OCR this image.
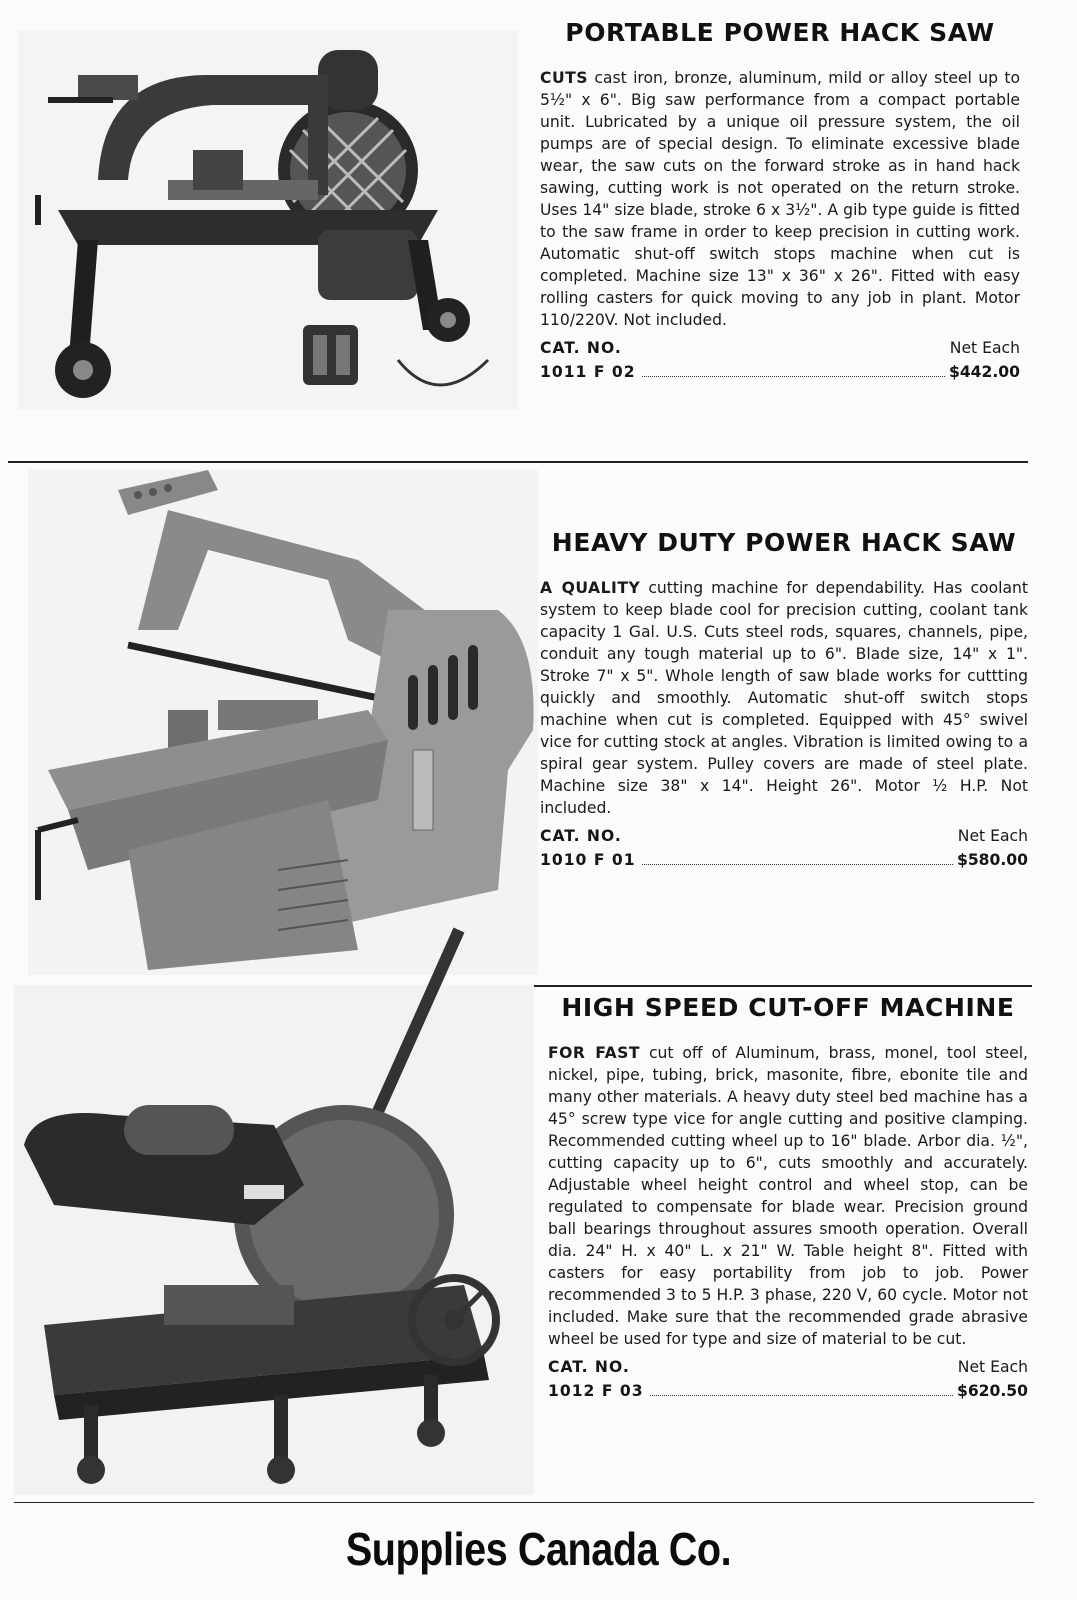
PORTABLE POWER HACK SAW

CUTS cast iron, bronze, aluminum, mild or alloy steel up to 5½" x 6". Big saw performance from a compact portable unit. Lubricated by a unique oil pressure system, the oil pumps are of special design. To eliminate excessive blade wear, the saw cuts on the forward stroke as in hand hack sawing, cutting work is not operated on the return stroke. Uses 14" size blade, stroke 6 x 3½". A gib type guide is fitted to the saw frame in order to keep precision in cutting work. Automatic shut-off switch stops machine when cut is completed. Machine size 13" x 36" x 26". Fitted with easy rolling casters for quick moving to any job in plant. Motor 110/220V. Not included.

CAT. NO.	Net Each
1011 F 02	$442.00
HEAVY DUTY POWER HACK SAW

A QUALITY cutting machine for dependability. Has coolant system to keep blade cool for precision cutting, coolant tank capacity 1 Gal. U.S. Cuts steel rods, squares, channels, pipe, conduit any tough material up to 6". Blade size, 14" x 1". Stroke 7" x 5". Whole length of saw blade works for cuttting quickly and smoothly. Automatic shut-off switch stops machine when cut is completed. Equipped with 45° swivel vice for cutting stock at angles. Vibration is limited owing to a spiral gear system. Pulley covers are made of steel plate. Machine size 38" x 14". Height 26". Motor ½ H.P. Not included.

CAT. NO.	Net Each
1010 F 01	$580.00
HIGH SPEED CUT-OFF MACHINE

FOR FAST cut off of Aluminum, brass, monel, tool steel, nickel, pipe, tubing, brick, masonite, fibre, ebonite tile and many other materials. A heavy duty steel bed machine has a 45° screw type vice for angle cutting and positive clamping. Recommended cutting wheel up to 16" blade. Arbor dia. ½", cutting capacity up to 6", cuts smoothly and accurately. Adjustable wheel height control and wheel stop, can be regulated to compensate for blade wear. Precision ground ball bearings throughout assures smooth operation. Overall dia. 24" H. x 40" L. x 21" W. Table height 8". Fitted with casters for easy portability from job to job. Power recommended 3 to 5 H.P. 3 phase, 220 V, 60 cycle. Motor not included. Make sure that the recommended grade abrasive wheel be used for type and size of material to be cut.

CAT. NO.	Net Each
1012 F 03	$620.50
Supplies Canada Co.
